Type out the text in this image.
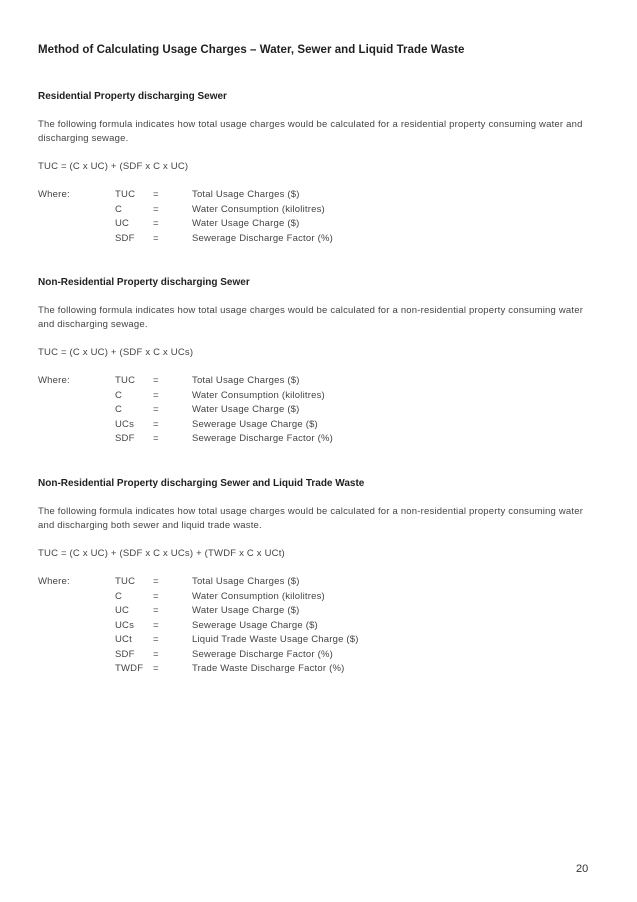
Method of Calculating Usage Charges – Water, Sewer and Liquid Trade Waste
Residential Property discharging Sewer
The following formula indicates how total usage charges would be calculated for a residential property consuming water and discharging sewage.
TUC = (C x UC) + (SDF x C x UC)
Where:	TUC =	Total Usage Charges ($)
C	=	Water Consumption (kilolitres)
UC	=	Water Usage Charge ($)
SDF =	Sewerage Discharge Factor (%)
Non-Residential Property discharging Sewer
The following formula indicates how total usage charges would be calculated for a non-residential property consuming water and discharging sewage.
TUC = (C x UC) + (SDF x C x UCs)
Where:	TUC =	Total Usage Charges ($)
C	=	Water Consumption (kilolitres)
C	=	Water Usage Charge ($)
UCs =	Sewerage Usage Charge ($)
SDF =	Sewerage Discharge Factor (%)
Non-Residential Property discharging Sewer and Liquid Trade Waste
The following formula indicates how total usage charges would be calculated for a non-residential property consuming water and discharging both sewer and liquid trade waste.
TUC = (C x UC) + (SDF x C x UCs) + (TWDF x C x UCt)
Where:	TUC =	Total Usage Charges ($)
C	=	Water Consumption (kilolitres)
UC	=	Water Usage Charge ($)
UCs =	Sewerage Usage Charge ($)
UCt =	Liquid Trade Waste Usage Charge ($)
SDF =	Sewerage Discharge Factor (%)
TWDF =	Trade Waste Discharge Factor (%)
20
